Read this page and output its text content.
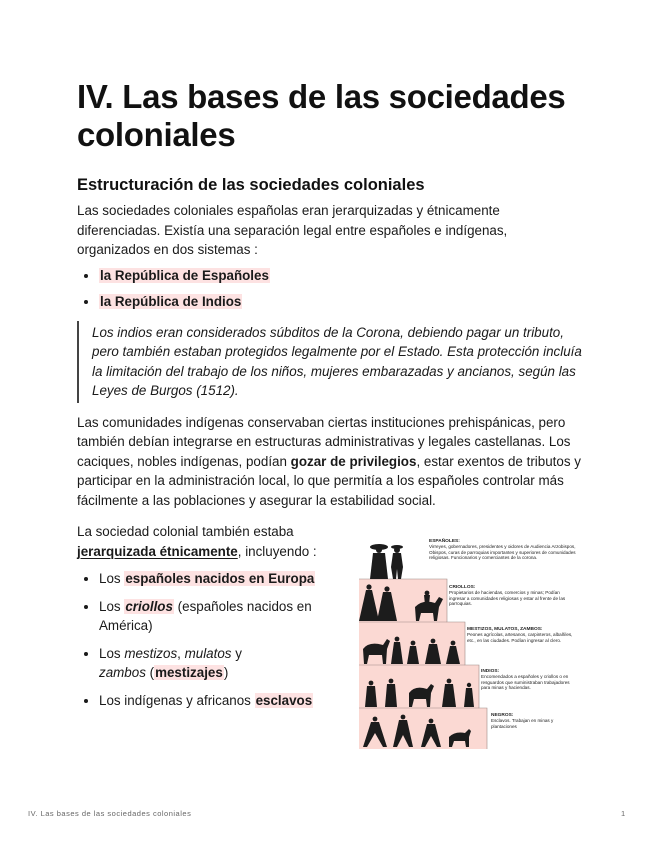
IV. Las bases de las sociedades coloniales
Estructuración de las sociedades coloniales

Las sociedades coloniales españolas eran jerarquizadas y étnicamente diferenciadas. Existía una separación legal entre españoles e indígenas, organizados en dos sistemas :

• la República de Españoles
• la República de Indios
Los indios eran considerados súbditos de la Corona, debiendo pagar un tributo, pero también estaban protegidos legalmente por el Estado. Esta protección incluía la limitación del trabajo de los niños, mujeres embarazadas y ancianos, según las Leyes de Burgos (1512).

Las comunidades indígenas conservaban ciertas instituciones prehispánicas, pero también debían integrarse en estructuras administrativas y legales castellanas. Los caciques, nobles indígenas, podían gozar de privilegios, estar exentos de tributos y participar en la administración local, lo que permitía a los españoles controlar más fácilmente a las poblaciones y asegurar la estabilidad social.

La sociedad colonial también estaba jerarquizada étnicamente, incluyendo :

• Los españoles nacidos en Europa
• Los criollos (españoles nacidos en América)
• Los mestizos, mulatos y
zambos (mestizajes)
• Los indígenas y africanos esclavos
ESPAÑOLES:
Virreyes, gobernadores, presidentes y oidores de Audiencia Arzobispos, Obispos, curas de parroquias importantes y superiores de comunidades religiosas. Funcionarios y comerciantes de la corona.
CRIOLLOS:
Propietarios de haciendas, comercios y minas; Podían ingresar a comunidades religiosas y estar al frente de las parroquias.
MESTIZOS, MULATOS, ZAMBOS:
Peones agrícolas, artesanos, carpinteros, albañiles, etc., en las ciudades. Podían ingresar al clero.
INDIOS:
Encomendados a españoles y criollos o en resguardos que suministraban trabajadores para minas y haciendas.
NEGROS:
Esclavos. Trabajan en minas y plantaciones
IV. Las bases de las sociedades coloniales	1
